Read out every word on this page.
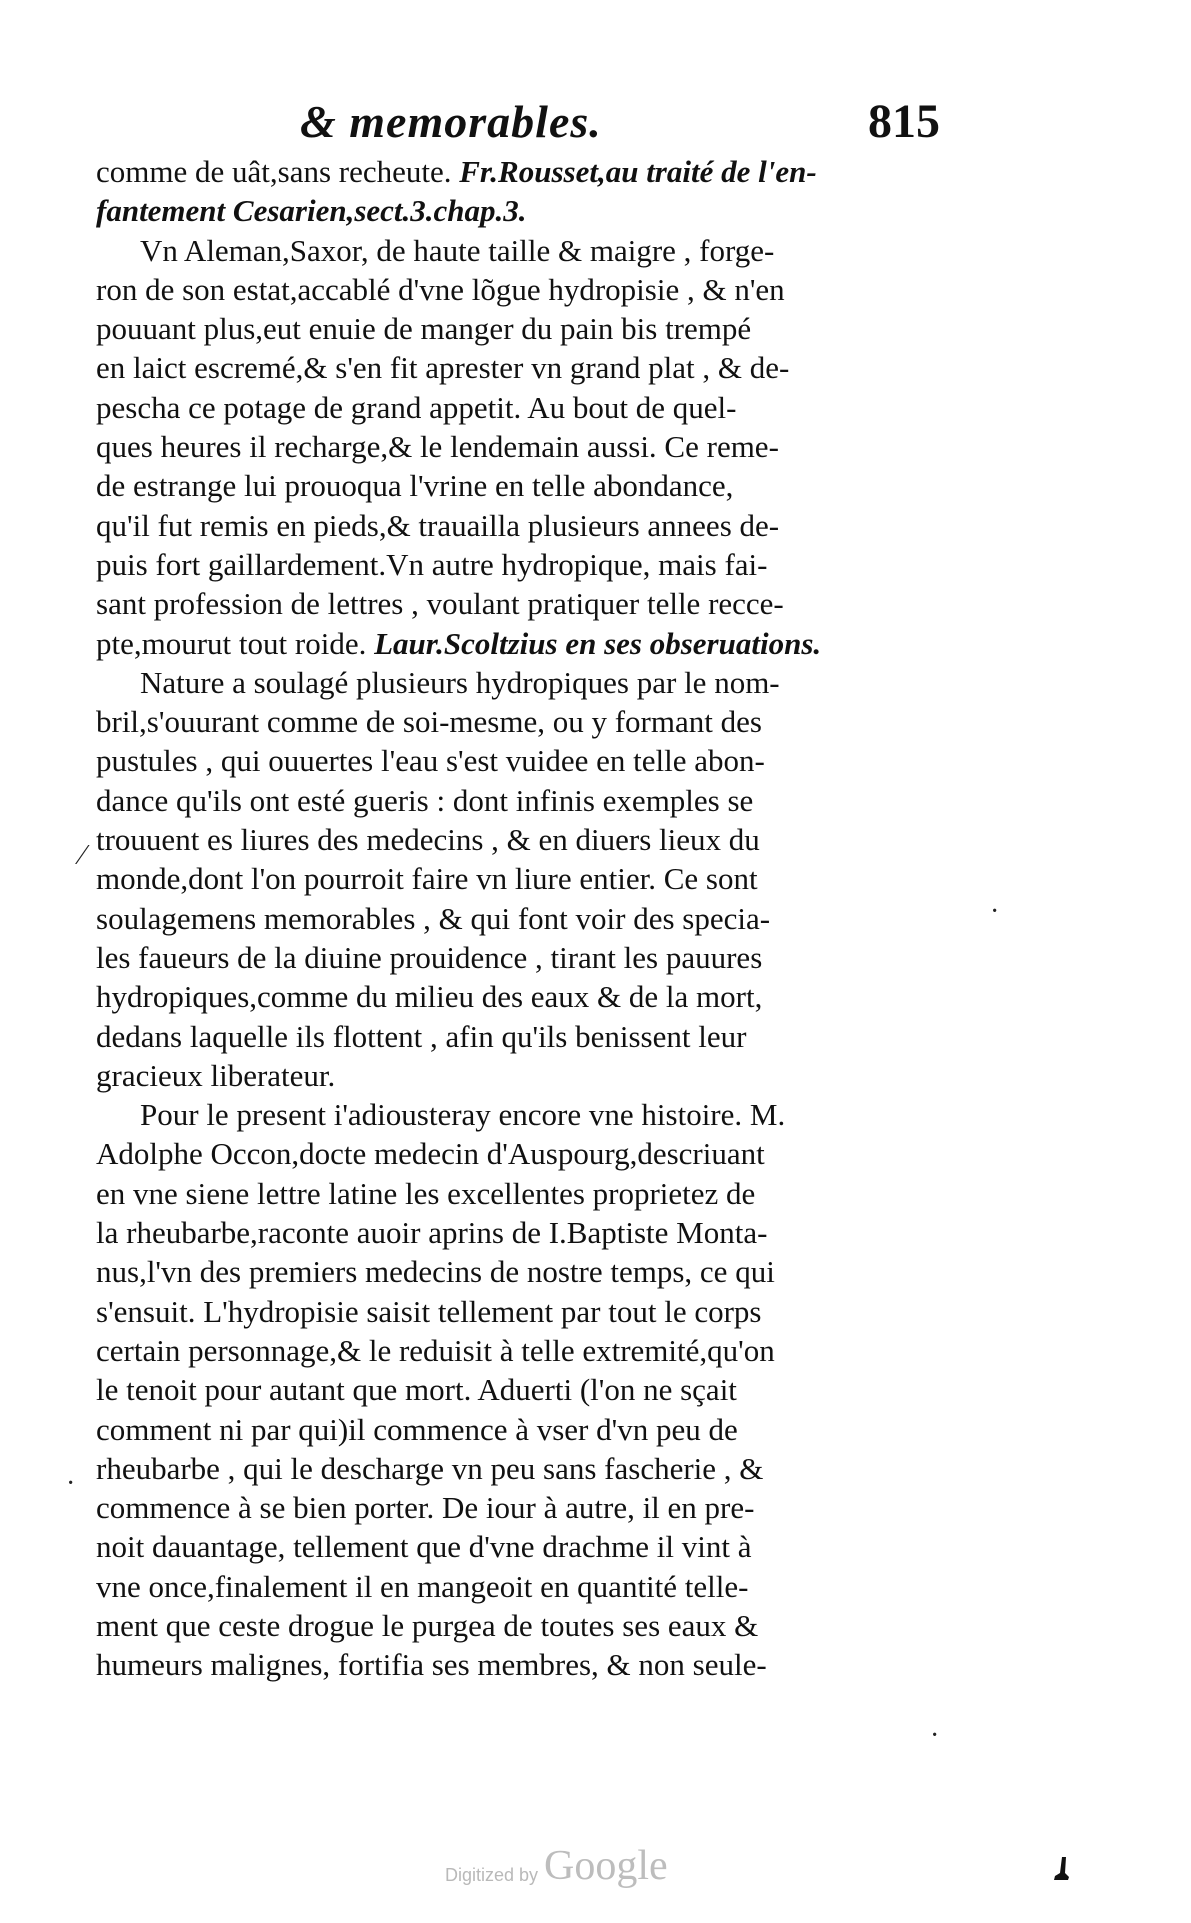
& memorables.	815
comme de uât,sans recheute. Fr.Rousset,au traité de l'en-
fantement Cesarien,sect.3.chap.3.
Vn Aleman,Saxor, de haute taille & maigre , forge-
ron de son estat,accablé d'vne lõgue hydropisie , & n'en
pouuant plus,eut enuie de manger du pain bis trempé
en laict escremé,& s'en fit aprester vn grand plat , & de-
pescha ce potage de grand appetit. Au bout de quel-
ques heures il recharge,& le lendemain aussi. Ce reme-
de estrange lui prouoqua l'vrine en telle abondance,
qu'il fut remis en pieds,& trauailla plusieurs annees de-
puis fort gaillardement.Vn autre hydropique, mais fai-
sant profession de lettres , voulant pratiquer telle recce-
pte,mourut tout roide. Laur.Scoltzius en ses obseruations.
Nature a soulagé plusieurs hydropiques par le nom-
bril,s'ouurant comme de soi-mesme, ou y formant des
pustules , qui ouuertes l'eau s'est vuidee en telle abon-
dance qu'ils ont esté gueris : dont infinis exemples se
trouuent es liures des medecins , & en diuers lieux du
monde,dont l'on pourroit faire vn liure entier. Ce sont
soulagemens memorables , & qui font voir des specia-
les faueurs de la diuine prouidence , tirant les pauures
hydropiques,comme du milieu des eaux & de la mort,
dedans laquelle ils flottent , afin qu'ils benissent leur
gracieux liberateur.
Pour le present i'adiousteray encore vne histoire. M.
Adolphe Occon,docte medecin d'Auspourg,descriuant
en vne siene lettre latine les excellentes proprietez de
la rheubarbe,raconte auoir aprins de I.Baptiste Monta-
nus,l'vn des premiers medecins de nostre temps, ce qui
s'ensuit. L'hydropisie saisit tellement par tout le corps
certain personnage,& le reduisit à telle extremité,qu'on
le tenoit pour autant que mort. Aduerti (l'on ne sçait
comment ni par qui)il commence à vser d'vn peu de
rheubarbe , qui le descharge vn peu sans fascherie , &
commence à se bien porter. De iour à autre, il en pre-
noit dauantage, tellement que d'vne drachme il vint à
vne once,finalement il en mangeoit en quantité telle-
ment que ceste drogue le purgea de toutes ses eaux &
humeurs malignes, fortifia ses membres, & non seule-
⁄
·
·
·
Digitized by Google
